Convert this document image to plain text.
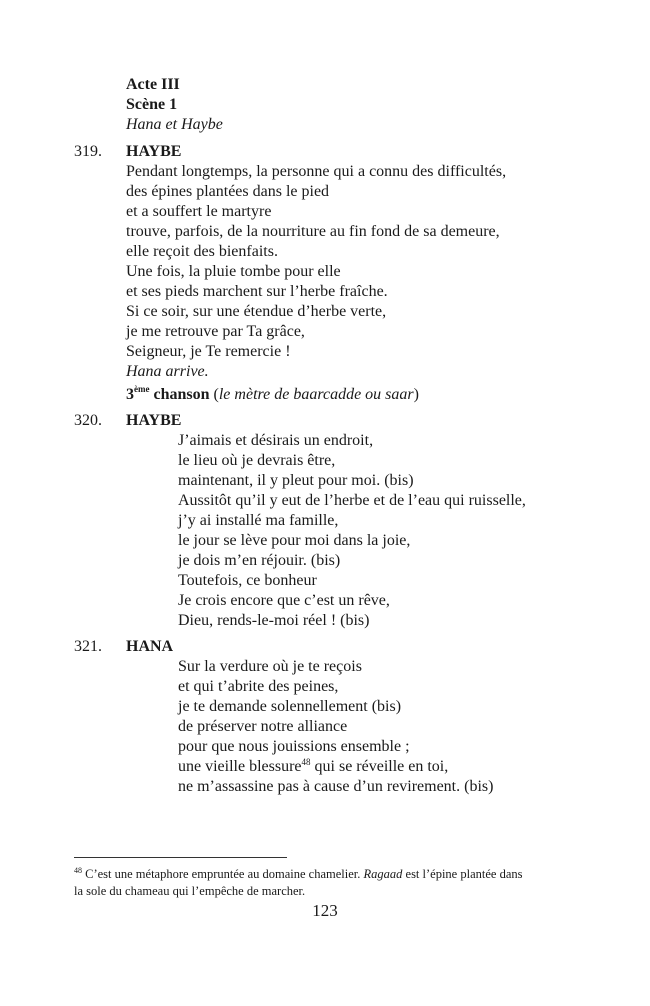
Acte III
Scène 1
Hana et Haybe
319. HAYBE
Pendant longtemps, la personne qui a connu des difficultés,
des épines plantées dans le pied
et a souffert le martyre
trouve, parfois, de la nourriture au fin fond de sa demeure,
elle reçoit des bienfaits.
Une fois, la pluie tombe pour elle
et ses pieds marchent sur l’herbe fraîche.
Si ce soir, sur une étendue d’herbe verte,
je me retrouve par Ta grâce,
Seigneur, je Te remercie !
Hana arrive.
3ème chanson (le mètre de baarcadde ou saar)
320. HAYBE
J’aimais et désirais un endroit,
le lieu où je devrais être,
maintenant, il y pleut pour moi. (bis)
Aussitôt qu’il y eut de l’herbe et de l’eau qui ruisselle,
j’y ai installé ma famille,
le jour se lève pour moi dans la joie,
je dois m’en réjouir. (bis)
Toutefois, ce bonheur
Je crois encore que c’est un rêve,
Dieu, rends-le-moi réel ! (bis)
321. HANA
Sur la verdure où je te reçois
et qui t’abrite des peines,
je te demande solennellement (bis)
de préserver notre alliance
pour que nous jouissions ensemble ;
une vieille blessure$^{48}$ qui se réveille en toi,
ne m’assassine pas à cause d’un revirement. (bis)
$^{48}$ C’est une métaphore empruntée au domaine chamelier. Ragaad est l’épine plantée dans
la sole du chameau qui l’empêche de marcher.
123
